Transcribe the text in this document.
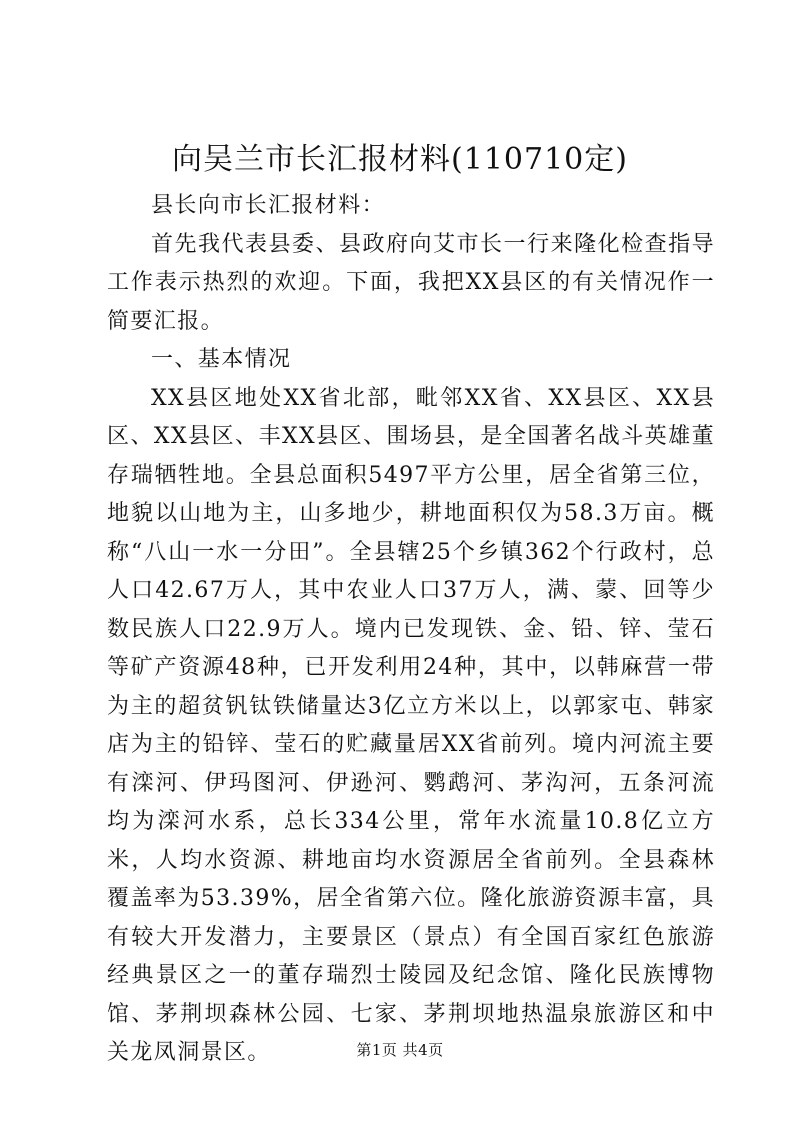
向吴兰市长汇报材料(110710定)

县长向市长汇报材料：

首先我代表县委、县政府向艾市长一行来隆化检查指导工作表示热烈的欢迎。下面，我把XX县区的有关情况作一简要汇报。

一、基本情况

XX县区地处XX省北部，毗邻XX省、XX县区、XX县区、XX县区、丰XX县区、围场县，是全国著名战斗英雄董存瑞牺牲地。全县总面积5497平方公里，居全省第三位，地貌以山地为主，山多地少，耕地面积仅为58.3万亩。概称“八山一水一分田”。全县辖25个乡镇362个行政村，总人口42.67万人，其中农业人口37万人，满、蒙、回等少数民族人口22.9万人。境内已发现铁、金、铅、锌、莹石等矿产资源48种，已开发利用24种，其中，以韩麻营一带为主的超贫钒钛铁储量达3亿立方米以上，以郭家屯、韩家店为主的铅锌、莹石的贮藏量居XX省前列。境内河流主要有滦河、伊玛图河、伊逊河、鹦鹉河、茅沟河，五条河流均为滦河水系，总长334公里，常年水流量10.8亿立方米，人均水资源、耕地亩均水资源居全省前列。全县森林覆盖率为53.39%，居全省第六位。隆化旅游资源丰富，具有较大开发潜力，主要景区（景点）有全国百家红色旅游经典景区之一的董存瑞烈士陵园及纪念馆、隆化民族博物馆、茅荆坝森林公园、七家、茅荆坝地热温泉旅游区和中关龙凤洞景区。	第1页 共4页
